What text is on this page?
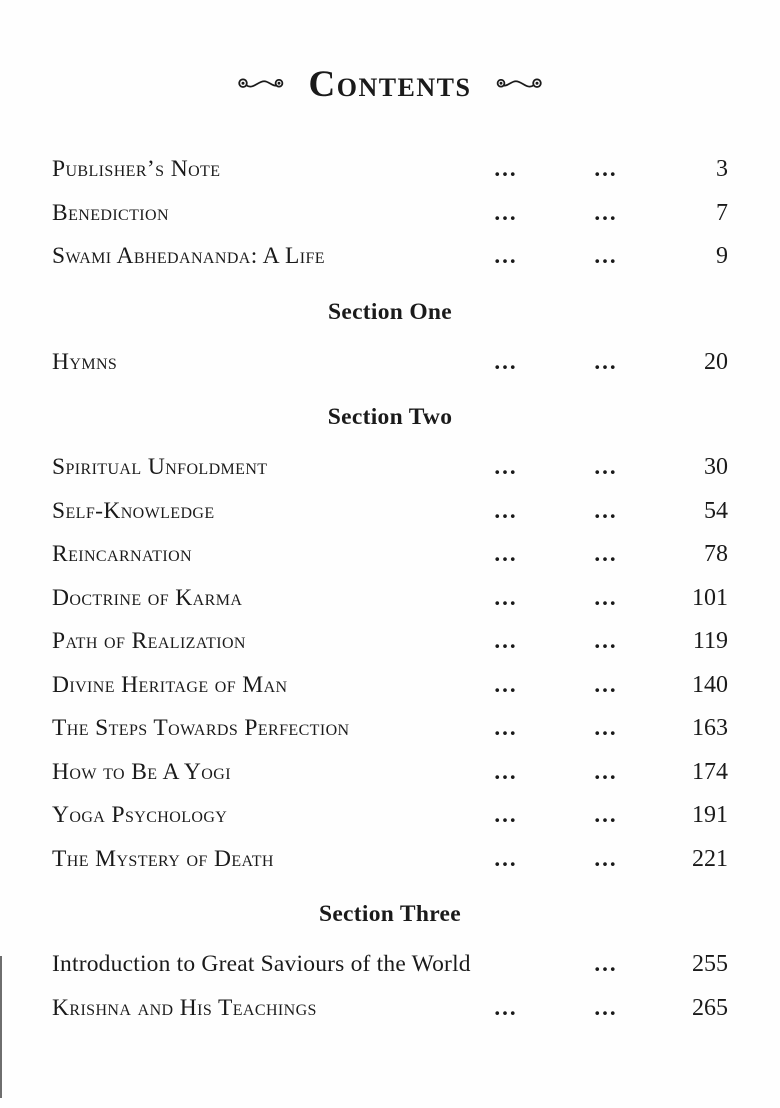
Contents
Publisher’s Note	...	...	3
Benediction	...	...	7
Swami Abhedananda: A Life	...	...	9
Section One
Hymns	...	...	20
Section Two
Spiritual Unfoldment	...	...	30
Self-Knowledge	...	...	54
Reincarnation	...	...	78
Doctrine of Karma	...	...	101
Path of Realization	...	...	119
Divine Heritage of Man	...	...	140
The Steps Towards Perfection	...	...	163
How to Be A Yogi	...	...	174
Yoga Psychology	...	...	191
The Mystery of Death	...	...	221
Section Three
Introduction to Great Saviours of the World	...	255
Krishna and His Teachings	...	...	265
